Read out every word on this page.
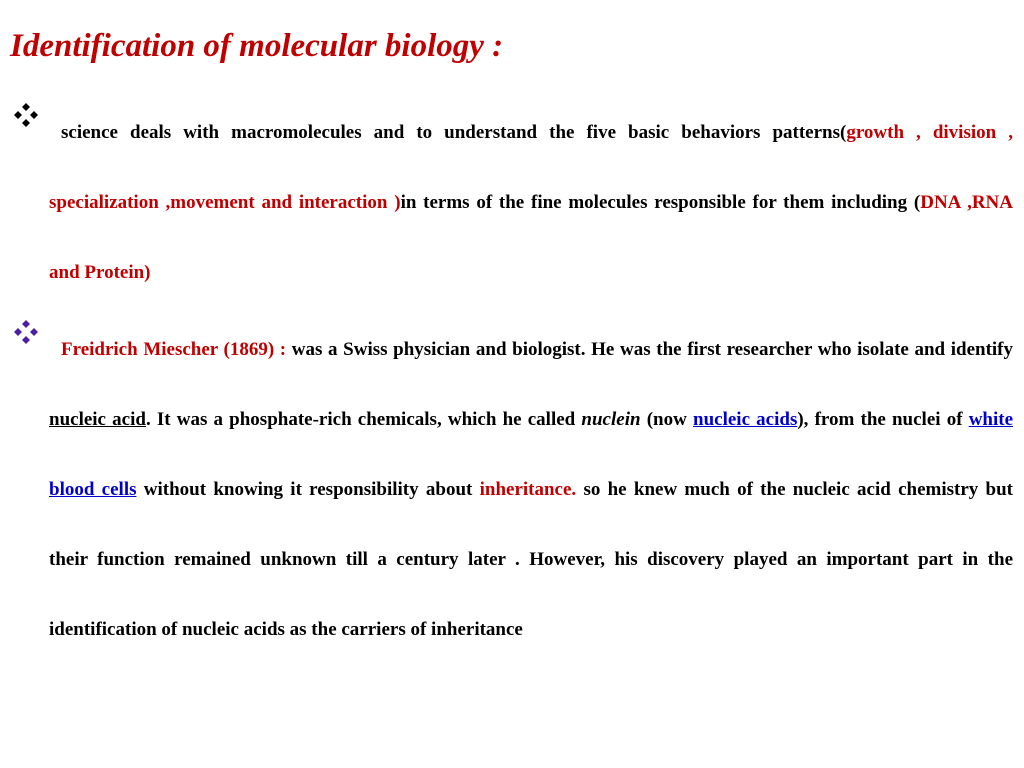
Identification of molecular biology :

science deals with macromolecules and to understand the five basic behaviors patterns(growth , division , specialization ,movement and interaction )in terms of the fine molecules responsible for them including (DNA ,RNA and Protein)

Freidrich Miescher (1869) : was a Swiss physician and biologist. He was the first researcher who isolate and identify nucleic acid. It was a phosphate-rich chemicals, which he called nuclein (now nucleic acids), from the nuclei of white blood cells without knowing it responsibility about inheritance. so he knew much of the nucleic acid chemistry but their function remained unknown till a century later . However, his discovery played an important part in the identification of nucleic acids as the carriers of inheritance
